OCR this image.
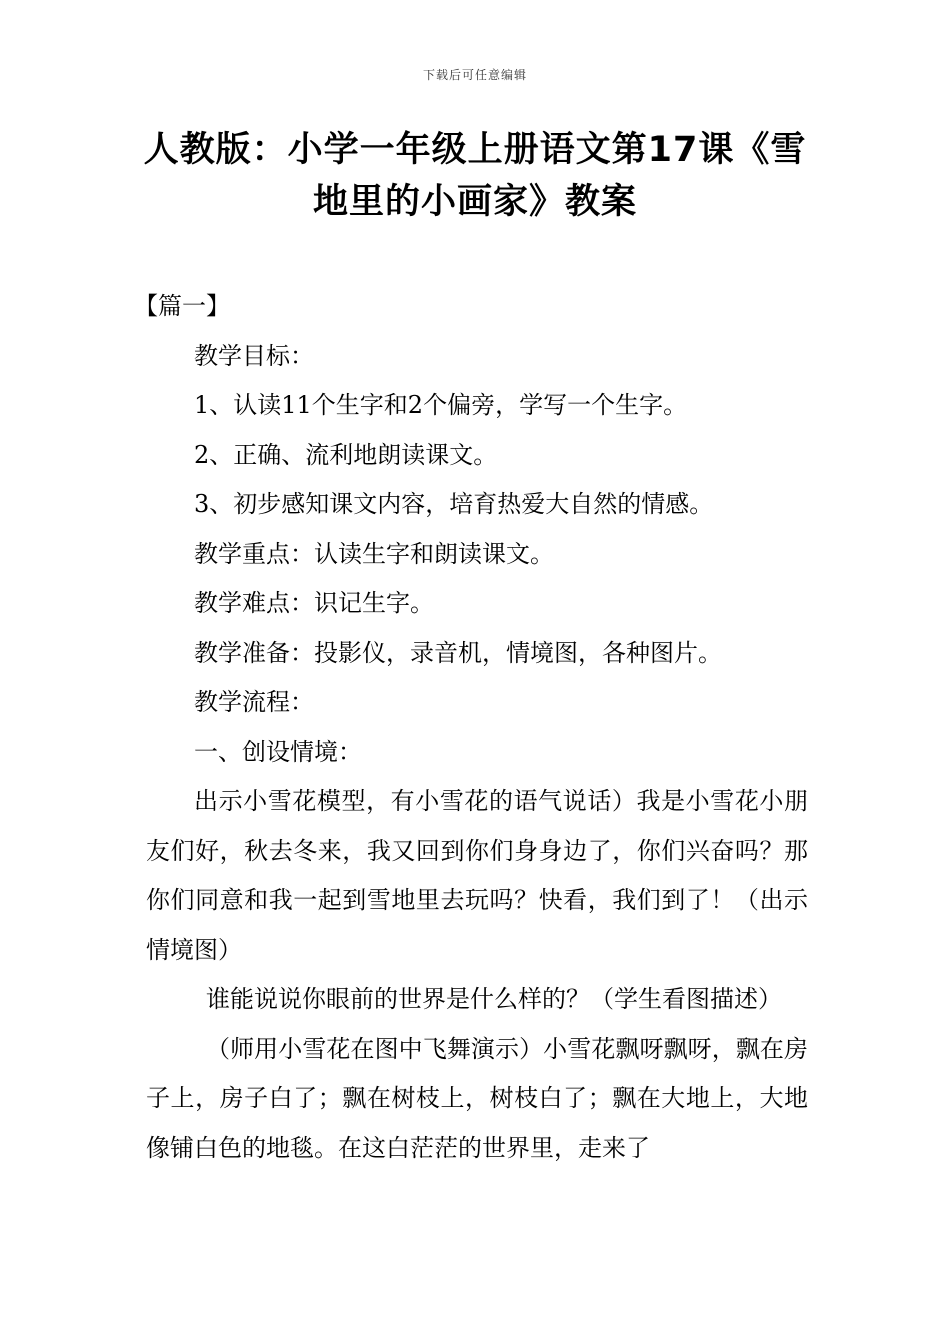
下载后可任意编辑
人教版：小学一年级上册语文第17课《雪地里的小画家》教案

【篇一】

教学目标：

1、认读11个生字和2个偏旁，学写一个生字。

2、正确、流利地朗读课文。

3、初步感知课文内容，培育热爱大自然的情感。

教学重点：认读生字和朗读课文。

教学难点：识记生字。

教学准备：投影仪，录音机，情境图，各种图片。

教学流程：

一、创设情境：

出示小雪花模型，有小雪花的语气说话）我是小雪花小朋友们好，秋去冬来，我又回到你们身身边了，你们兴奋吗？那你们同意和我一起到雪地里去玩吗？快看，我们到了！（出示情境图）

谁能说说你眼前的世界是什么样的？（学生看图描述）

（师用小雪花在图中飞舞演示）小雪花飘呀飘呀，飘在房子上，房子白了；飘在树枝上，树枝白了；飘在大地上，大地像铺白色的地毯。在这白茫茫的世界里，走来了
